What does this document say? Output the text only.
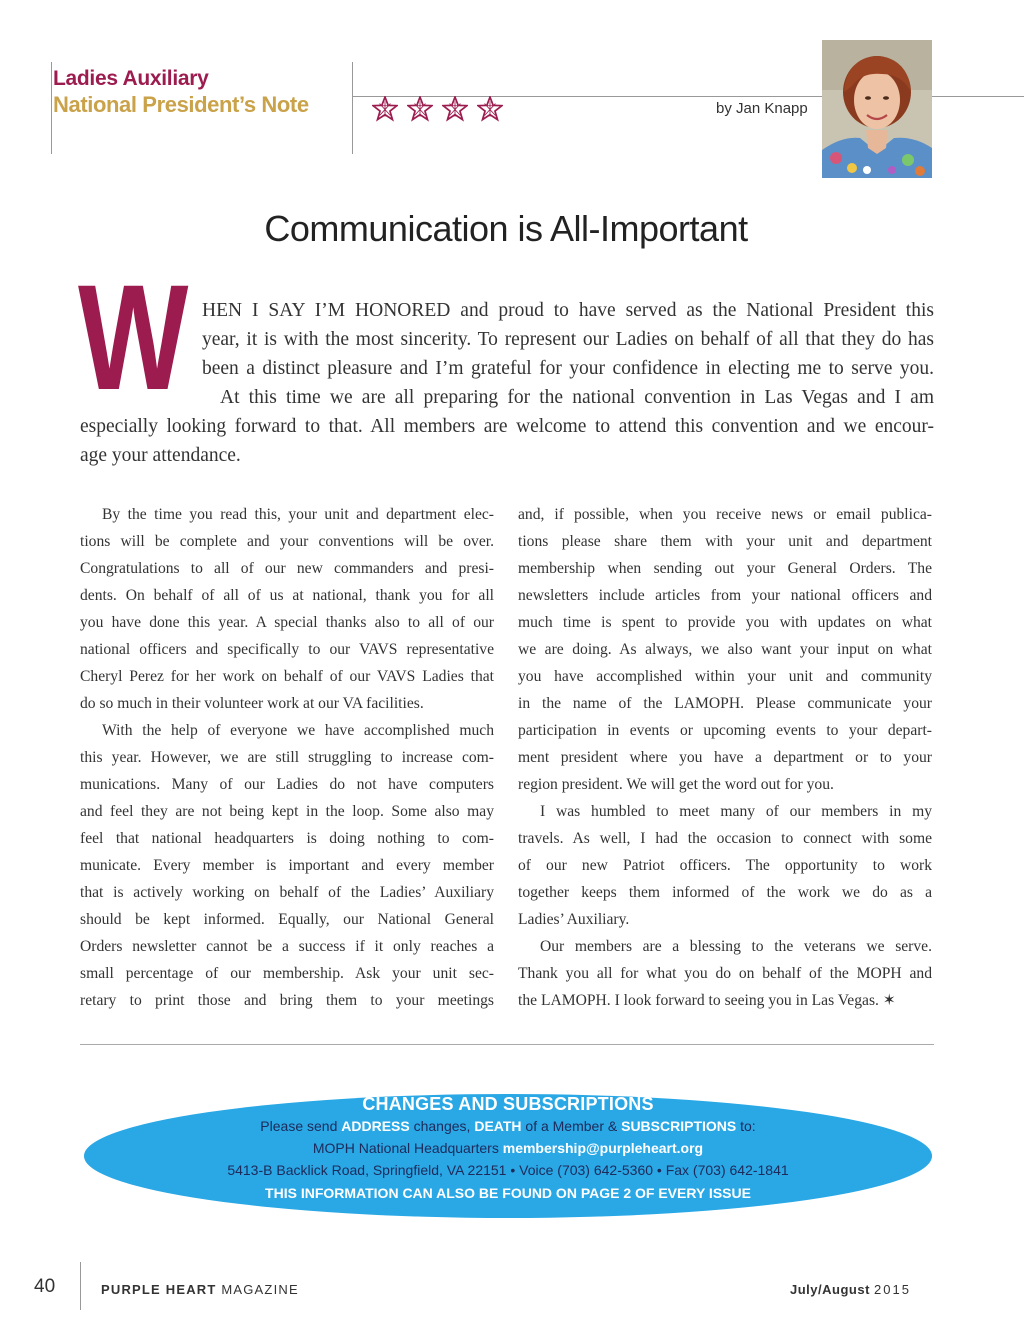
Ladies Auxiliary
National President’s Note	by Jan Knapp
Communication is All-Important
W HEN I SAY I’M HONORED and proud to have served as the National President this
year, it is with the most sincerity. To represent our Ladies on behalf of all that they do has
been a distinct pleasure and I’m grateful for your confidence in electing me to serve you.
At this time we are all preparing for the national convention in Las Vegas and I am
especially looking forward to that. All members are welcome to attend this convention and we encour-
age your attendance.
By the time you read this, your unit and department elec-
tions will be complete and your conventions will be over.
Congratulations to all of our new commanders and presi-
dents. On behalf of all of us at national, thank you for all
you have done this year. A special thanks also to all of our
national officers and specifically to our VAVS representative
Cheryl Perez for her work on behalf of our VAVS Ladies that
do so much in their volunteer work at our VA facilities.
With the help of everyone we have accomplished much
this year. However, we are still struggling to increase com-
munications. Many of our Ladies do not have computers
and feel they are not being kept in the loop. Some also may
feel that national headquarters is doing nothing to com-
municate. Every member is important and every member
that is actively working on behalf of the Ladies’ Auxiliary
should be kept informed. Equally, our National General
Orders newsletter cannot be a success if it only reaches a
small percentage of our membership. Ask your unit sec-
retary to print those and bring them to your meetings
and, if possible, when you receive news or email publica-
tions please share them with your unit and department
membership when sending out your General Orders. The
newsletters include articles from your national officers and
much time is spent to provide you with updates on what
we are doing. As always, we also want your input on what
you have accomplished within your unit and community
in the name of the LAMOPH. Please communicate your
participation in events or upcoming events to your depart-
ment president where you have a department or to your
region president. We will get the word out for you.
I was humbled to meet many of our members in my
travels. As well, I had the occasion to connect with some
of our new Patriot officers. The opportunity to work
together keeps them informed of the work we do as a
Ladies’ Auxiliary.
Our members are a blessing to the veterans we serve.
Thank you all for what you do on behalf of the MOPH and
the LAMOPH. I look forward to seeing you in Las Vegas. ✶
CHANGES AND SUBSCRIPTIONS
Please send ADDRESS changes, DEATH of a Member & SUBSCRIPTIONS to:
MOPH National Headquarters membership@purpleheart.org
5413-B Backlick Road, Springfield, VA 22151 • Voice (703) 642-5360 • Fax (703) 642-1841
THIS INFORMATION CAN ALSO BE FOUND ON PAGE 2 OF EVERY ISSUE
40	PURPLE HEART MAGAZINE	July/August 2015
